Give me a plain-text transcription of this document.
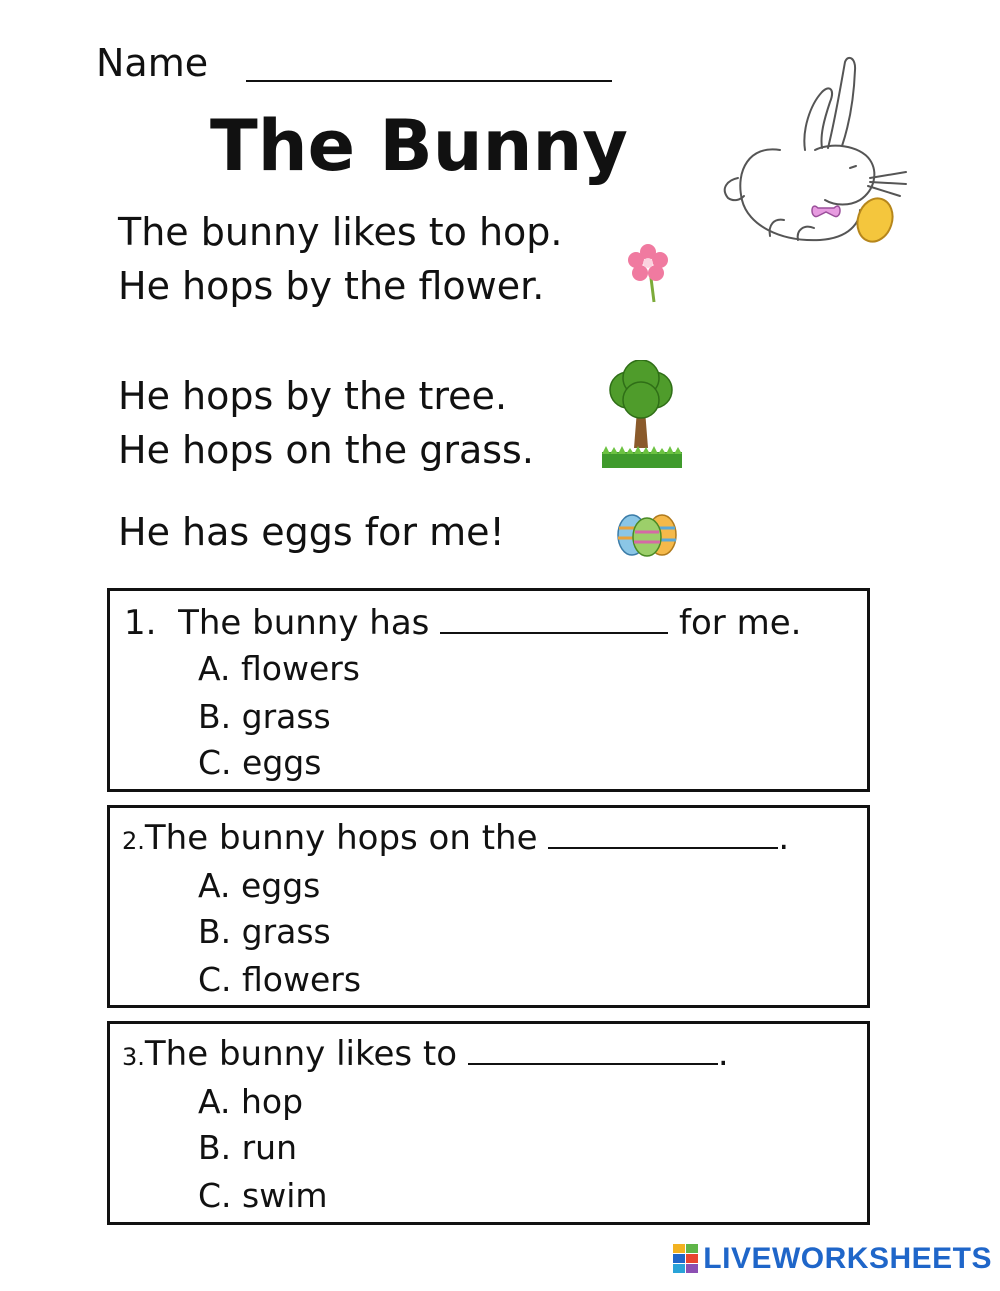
Name
The Bunny
The bunny likes to hop.
He hops by the flower.
He hops by the tree.
He hops on the grass.
He has eggs for me!
1. The bunny has	for me.
A. flowers
B. grass
C. eggs
2.The bunny hops on the	.
A. eggs
B. grass
C. flowers
3.The bunny likes to	.
A. hop
B. run
C. swim
LIVEWORKSHEETS
